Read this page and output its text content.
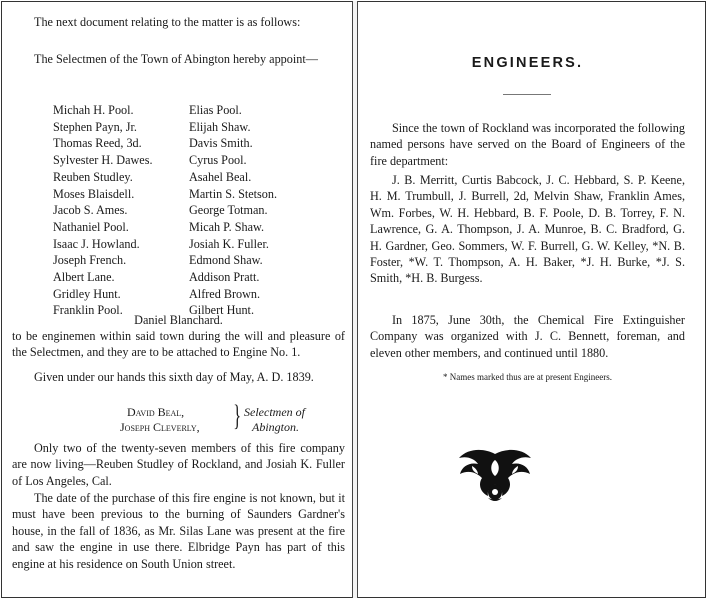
The next document relating to the matter is as follows:

The Selectmen of the Town of Abington hereby appoint—

Michah H. Pool.	Elias Pool.
Stephen Payn, Jr.	Elijah Shaw.
Thomas Reed, 3d.	Davis Smith.
Sylvester H. Dawes.	Cyrus Pool.
Reuben Studley.	Asahel Beal.
Moses Blaisdell.	Martin S. Stetson.
Jacob S. Ames.	George Totman.
Nathaniel Pool.	Micah P. Shaw.
Isaac J. Howland.	Josiah K. Fuller.
Joseph French.	Edmond Shaw.
Albert Lane.	Addison Pratt.
Gridley Hunt.	Alfred Brown.
Franklin Pool.	Gilbert Hunt.

Daniel Blanchard.

to be enginemen within said town during the will and pleasure of the Selectmen, and they are to be attached to Engine No. 1.

Given under our hands this sixth day of May, A. D. 1839.

David Beal,
Joseph Cleverly, } Selectmen of
Abington.

Only two of the twenty-seven members of this fire company are now living—Reuben Studley of Rockland, and Josiah K. Fuller of Los Angeles, Cal.

The date of the purchase of this fire engine is not known, but it must have been previous to the burning of Saunders Gardner's house, in the fall of 1836, as Mr. Silas Lane was present at the fire and saw the engine in use there. Elbridge Payn has part of this engine at his residence on South Union street.

ENGINEERS.

Since the town of Rockland was incorporated the following named persons have served on the Board of Engineers of the fire department:

J. B. Merritt, Curtis Babcock, J. C. Hebbard, S. P. Keene, H. M. Trumbull, J. Burrell, 2d, Melvin Shaw, Franklin Ames, Wm. Forbes, W. H. Hebbard, B. F. Poole, D. B. Torrey, F. N. Lawrence, G. A. Thompson, J. A. Munroe, B. C. Bradford, G. H. Gardner, Geo. Sommers, W. F. Burrell, G. W. Kelley, *N. B. Foster, *W. T. Thompson, A. H. Baker, *J. H. Burke, *J. S. Smith, *H. B. Burgess.

In 1875, June 30th, the Chemical Fire Extinguisher Company was organized with J. C. Bennett, foreman, and eleven other members, and continued until 1880.

* Names marked thus are at present Engineers.
